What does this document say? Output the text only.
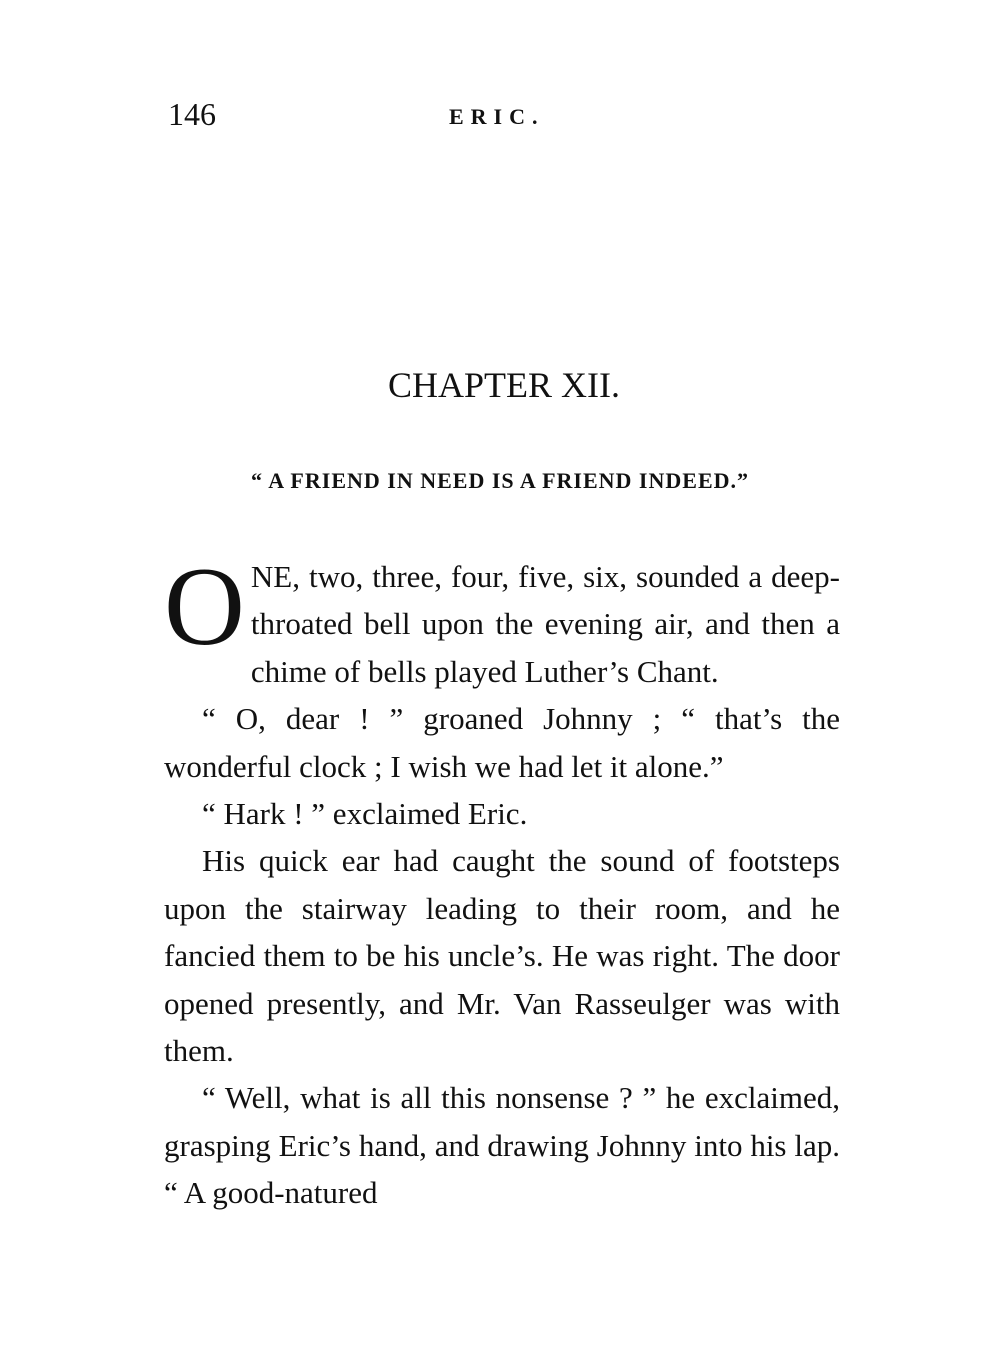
146	ERIC.
CHAPTER XII.
“ A FRIEND IN NEED IS A FRIEND INDEED.”

ONE, two, three, four, five, six, sounded a deep-throated bell upon the evening air, and then a chime of bells played Luther’s Chant.

“ O, dear ! ” groaned Johnny ; “ that’s the wonderful clock ; I wish we had let it alone.”

“ Hark ! ” exclaimed Eric.

His quick ear had caught the sound of footsteps upon the stairway leading to their room, and he fancied them to be his uncle’s. He was right. The door opened presently, and Mr. Van Rasseulger was with them.

“ Well, what is all this nonsense ? ” he exclaimed, grasping Eric’s hand, and drawing Johnny into his lap. “ A good-natured
